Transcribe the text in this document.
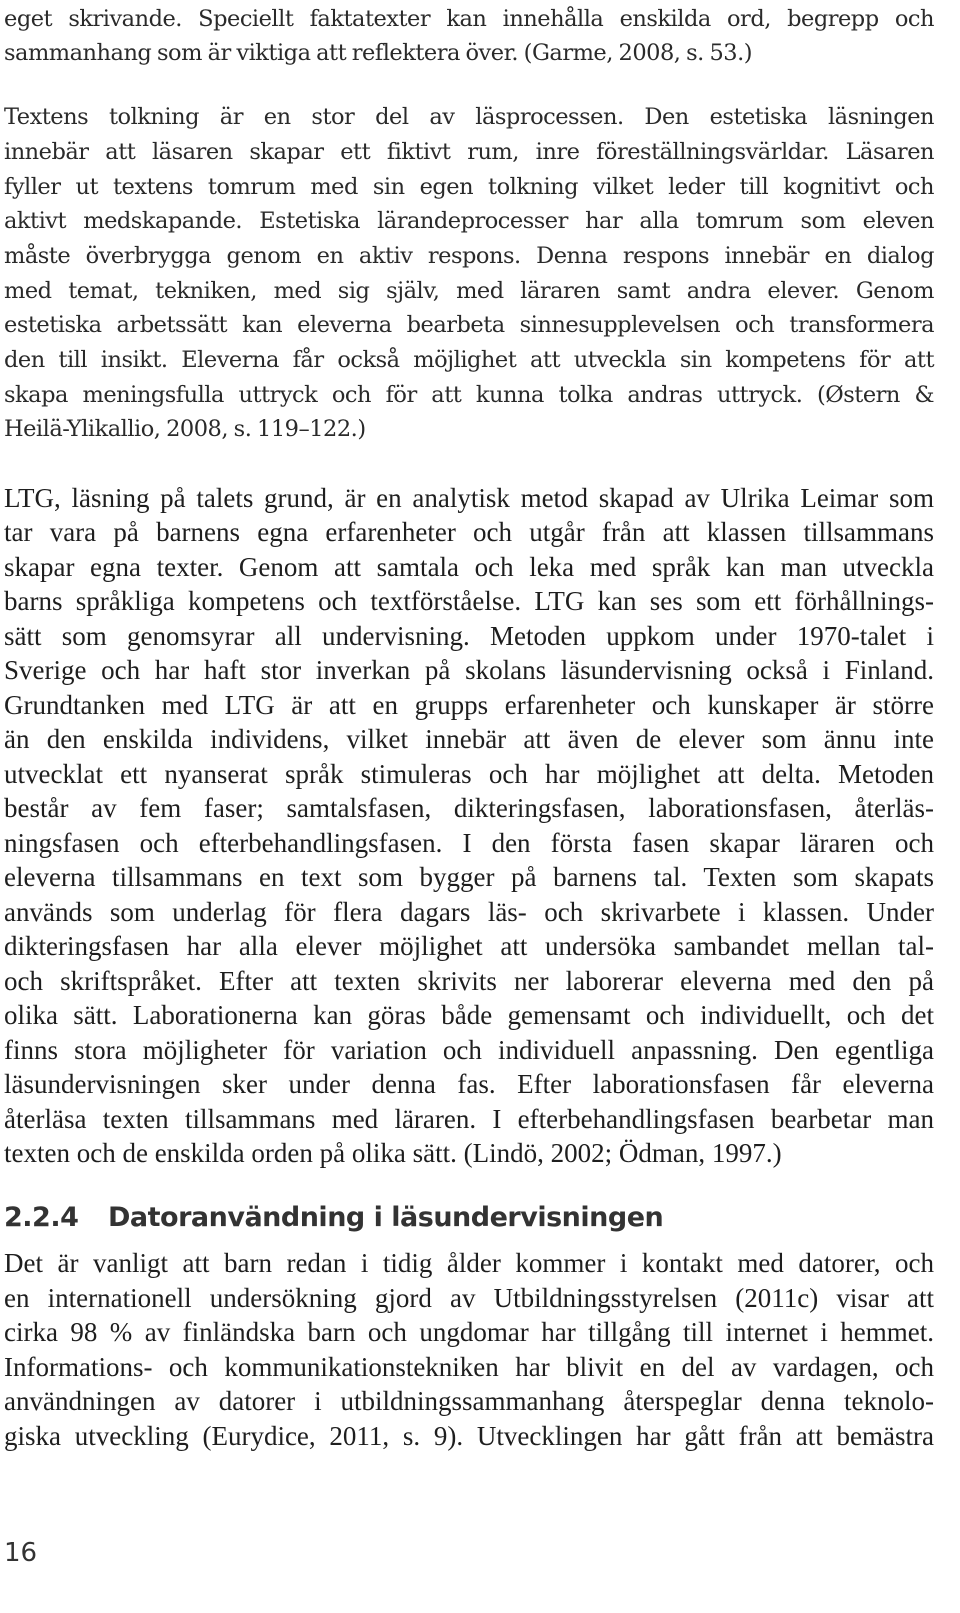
eget skrivande. Speciellt faktatexter kan innehålla enskilda ord, begrepp och
sammanhang som är viktiga att reflektera över. (Garme, 2008, s. 53.)
Textens tolkning är en stor del av läsprocessen. Den estetiska läsningen
innebär att läsaren skapar ett fiktivt rum, inre föreställningsvärldar. Läsaren
fyller ut textens tomrum med sin egen tolkning vilket leder till kognitivt och
aktivt medskapande. Estetiska lärandeprocesser har alla tomrum som eleven
måste överbrygga genom en aktiv respons. Denna respons innebär en dialog
med temat, tekniken, med sig själv, med läraren samt andra elever. Genom
estetiska arbetssätt kan eleverna bearbeta sinnesupplevelsen och transformera
den till insikt. Eleverna får också möjlighet att utveckla sin kompetens för att
skapa meningsfulla uttryck och för att kunna tolka andras uttryck. (Østern &
Heilä-Ylikallio, 2008, s. 119–122.)
LTG, läsning på talets grund, är en analytisk metod skapad av Ulrika Leimar som
tar vara på barnens egna erfarenheter och utgår från att klassen tillsammans
skapar egna texter. Genom att samtala och leka med språk kan man utveckla
barns språkliga kompetens och textförståelse. LTG kan ses som ett förhållnings-
sätt som genomsyrar all undervisning. Metoden uppkom under 1970-talet i
Sverige och har haft stor inverkan på skolans läsundervisning också i Finland.
Grundtanken med LTG är att en grupps erfarenheter och kunskaper är större
än den enskilda individens, vilket innebär att även de elever som ännu inte
utvecklat ett nyanserat språk stimuleras och har möjlighet att delta. Metoden
består av fem faser; samtalsfasen, dikteringsfasen, laborationsfasen, återläs-
ningsfasen och efterbehandlingsfasen. I den första fasen skapar läraren och
eleverna tillsammans en text som bygger på barnens tal. Texten som skapats
används som underlag för flera dagars läs- och skrivarbete i klassen. Under
dikteringsfasen har alla elever möjlighet att undersöka sambandet mellan tal-
och skriftspråket. Efter att texten skrivits ner laborerar eleverna med den på
olika sätt. Laborationerna kan göras både gemensamt och individuellt, och det
finns stora möjligheter för variation och individuell anpassning. Den egentliga
läsundervisningen sker under denna fas. Efter laborationsfasen får eleverna
återläsa texten tillsammans med läraren. I efterbehandlingsfasen bearbetar man
texten och de enskilda orden på olika sätt. (Lindö, 2002; Ödman, 1997.)
2.2.4 Datoranvändning i läsundervisningen
Det är vanligt att barn redan i tidig ålder kommer i kontakt med datorer, och
en internationell undersökning gjord av Utbildningsstyrelsen (2011c) visar att
cirka 98 % av finländska barn och ungdomar har tillgång till internet i hemmet.
Informations- och kommunikationstekniken har blivit en del av vardagen, och
användningen av datorer i utbildningssammanhang återspeglar denna teknolo-
giska utveckling (Eurydice, 2011, s. 9). Utvecklingen har gått från att bemästra
16
